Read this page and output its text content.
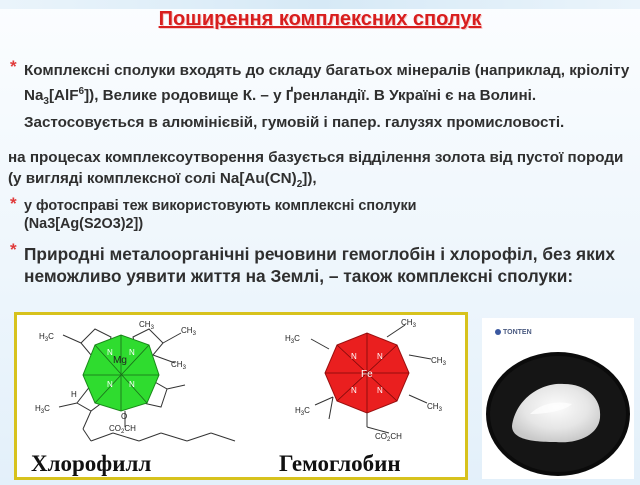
Поширення комплексних сполук
* Комплексні сполуки входять до складу багатьох мінералів (наприклад, кріоліту $Na_3[AlF^6]$), Велике родовище К. – у Ґренландії. В Україні є на Волині. Застосовується в алюмінієвій, гумовій і папер. галузях промисловості.
на процесах комплексоутворення базується відділення золота від пустої породи (у вигляді комплексної солі $Na[Au(CN)_2]$),
* у фотосправі теж використовують комплексні сполуки (Na3[Ag(S2O3)2])
* Природні металоорганічні речовини гемоглобін і хлорофіл, без яких неможливо уявити життя на Землі, – також комплексні сполуки:
Mg
N N
N N
$CH_3$	$CH_3$
$CH_3$
$H_3C$
$H_3C$
H
$CO_2CH$
O
Fe
N	N
N	N
$CH_3$
$CH_3$
$CH_3$
$H_3C$
$H_3C$
$CO_2CH$
Хлорофилл	Гемоглобин
TONTEN
